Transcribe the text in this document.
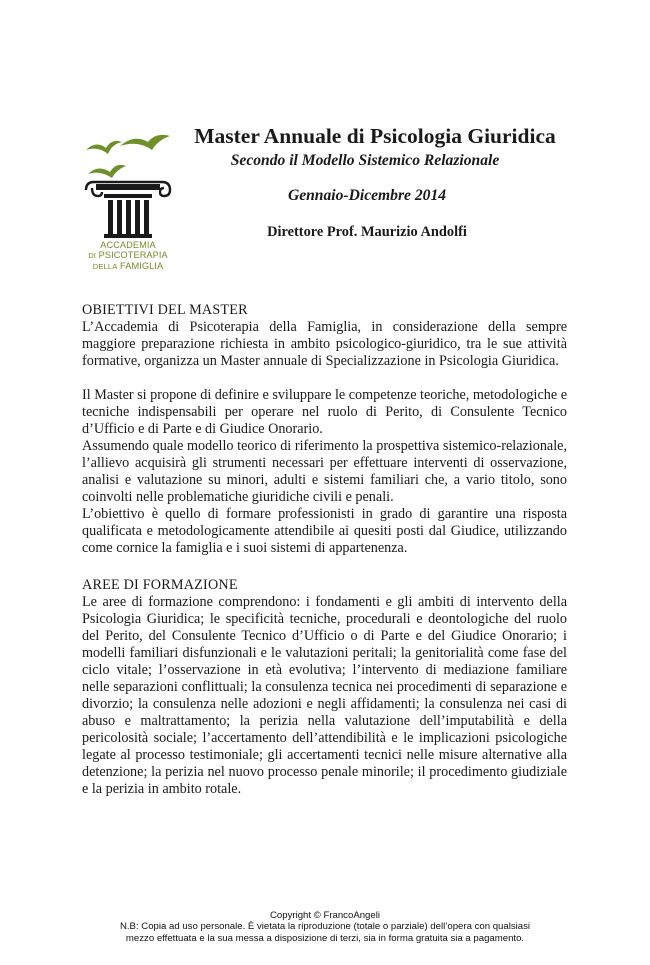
ACCADEMIA
DI PSICOTERAPIA
DELLA FAMIGLIA
Master Annuale di Psicologia Giuridica
Secondo il Modello Sistemico Relazionale
Gennaio-Dicembre 2014
Direttore Prof. Maurizio Andolfi
OBIETTIVI DEL MASTER

L’Accademia di Psicoterapia della Famiglia, in considerazione della sempre maggiore preparazione richiesta in ambito psicologico-giuridico, tra le sue attività formative, organizza un Master annuale di Specializzazione in Psicologia Giuridica.

Il Master si propone di definire e sviluppare le competenze teoriche, metodologiche e tecniche indispensabili per operare nel ruolo di Perito, di Consulente Tecnico d’Ufficio e di Parte e di Giudice Onorario.

Assumendo quale modello teorico di riferimento la prospettiva sistemico-relazionale, l’allievo acquisirà gli strumenti necessari per effettuare interventi di osservazione, analisi e valutazione su minori, adulti e sistemi familiari che, a vario titolo, sono coinvolti nelle problematiche giuridiche civili e penali.

L’obiettivo è quello di formare professionisti in grado di garantire una risposta qualificata e metodologicamente attendibile ai quesiti posti dal Giudice, utilizzando come cornice la famiglia e i suoi sistemi di appartenenza.

AREE DI FORMAZIONE

Le aree di formazione comprendono: i fondamenti e gli ambiti di intervento della Psicologia Giuridica; le specificità tecniche, procedurali e deontologiche del ruolo del Perito, del Consulente Tecnico d’Ufficio o di Parte e del Giudice Onorario; i modelli familiari disfunzionali e le valutazioni peritali; la genitorialità come fase del ciclo vitale; l’osservazione in età evolutiva; l’intervento di mediazione familiare nelle separazioni conflittuali; la consulenza tecnica nei procedimenti di separazione e divorzio; la consulenza nelle adozioni e negli affidamenti; la consulenza nei casi di abuso e maltrattamento; la perizia nella valutazione dell’imputabilità e della pericolosità sociale; l’accertamento dell’attendibilità e le implicazioni psicologiche legate al processo testimoniale; gli accertamenti tecnici nelle misure alternative alla detenzione; la perizia nel nuovo processo penale minorile; il procedimento giudiziale e la perizia in ambito rotale.

Copyright © FrancoAngeli
N.B: Copia ad uso personale. È vietata la riproduzione (totale o parziale) dell’opera con qualsiasi
mezzo effettuata e la sua messa a disposizione di terzi, sia in forma gratuita sia a pagamento.
